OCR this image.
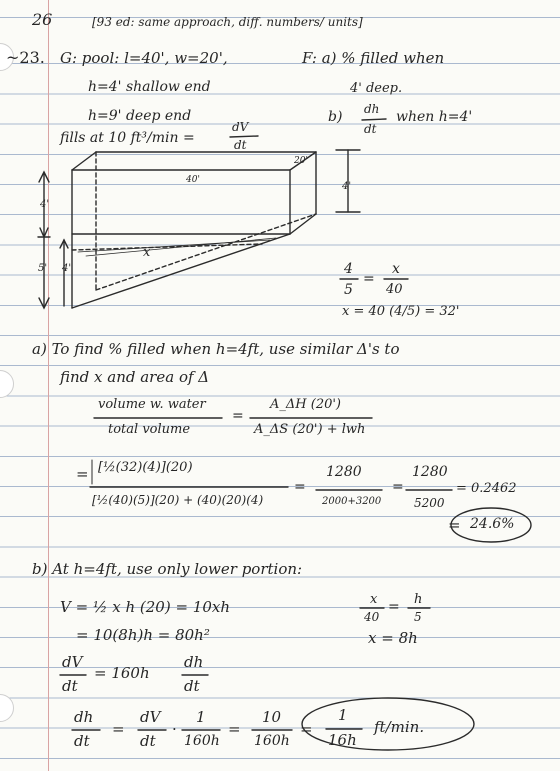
26	[93 ed: same approach, diff. numbers/ units]
~23. G: pool: l=40', w=20',
h=4' shallow end
h=9' deep end
fills at 10 ft³/min =
dV
dt
F: a) % filled when
4' deep.
b) dh
dt
when h=4'
40'
20'
4'
4'
5' 4'
x
4
5
=
x
40
x = 40 (4/5) = 32'
a) To find % filled when h=4ft, use similar Δ's to
find x and area of Δ
volume w. water
total volume
=
A_ΔH (20')
A_ΔS (20') + lwh
= [½(32)(4)](20)
[½(40)(5)](20) + (40)(20)(4)
=
1280
2000+3200
=
1280
5200
= 0.2462
= 24.6%
b) At h=4ft, use only lower portion:
V = ½ x h (20) = 10xh
= 10(8h)h = 80h²
x
40
= h
5
x = 8h
dV
dt
= 160h
dh
dt
dh
dt
=
dV
dt
·
1
160h
=
10
160h
=
1
16h
ft/min.
